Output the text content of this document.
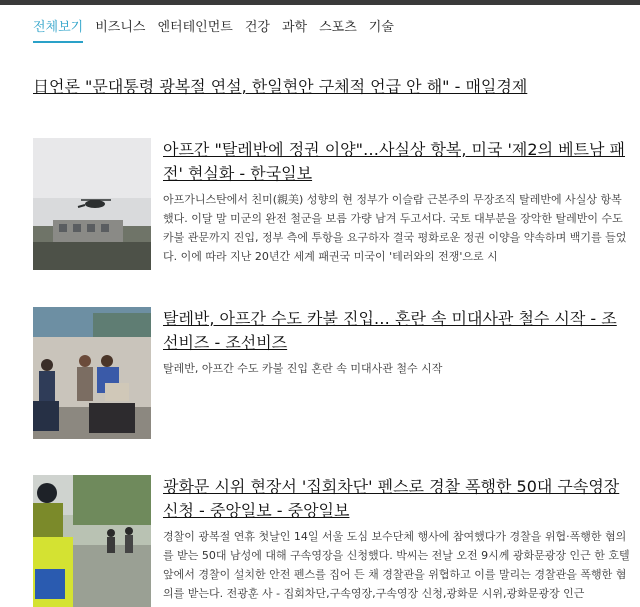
전체보기 비즈니스 엔터테인먼트 건강 과학 스포츠 기술
日언론 "문대통령 광복절 연설, 한일현안 구체적 언급 안 해" - 매일경제
아프간 "탈레반에 정권 이양"…사실상 항복, 미국 '제2의 베트남 패전' 현실화 - 한국일보
아프가니스탄에서 친미(親美) 성향의 현 정부가 이슬람 근본주의 무장조직 탈레반에 사실상 항복했다. 이달 말 미군의 완전 철군을 보름 가량 남겨 두고서다. 국토 대부분을 장악한 탈레반이 수도 카불 관문까지 진입, 정부 측에 투항을 요구하자 결국 평화로운 정권 이양을 약속하며 백기를 들었다. 이에 따라 지난 20년간 세계 패권국 미국이 '테러와의 전쟁'으로 시
탈레반, 아프간 수도 카불 진입… 혼란 속 미대사관 철수 시작 - 조선비즈 - 조선비즈
탈레반, 아프간 수도 카불 진입 혼란 속 미대사관 철수 시작
광화문 시위 현장서 '집회차단' 펜스로 경찰 폭행한 50대 구속영장 신청 - 중앙일보 - 중앙일보
경찰이 광복절 연휴 첫날인 14일 서울 도심 보수단체 행사에 참여했다가 경찰을 위협·폭행한 혐의를 받는 50대 남성에 대해 구속영장을 신청했다. 박씨는 전날 오전 9시께 광화문광장 인근 한 호텔 앞에서 경찰이 설치한 안전 펜스를 집어 든 채 경찰관을 위협하고 이를 말리는 경찰관을 폭행한 혐의를 받는다. 전광훈 사 - 집회차단,구속영장,구속영장 신청,광화문 시위,광화문광장 인근
